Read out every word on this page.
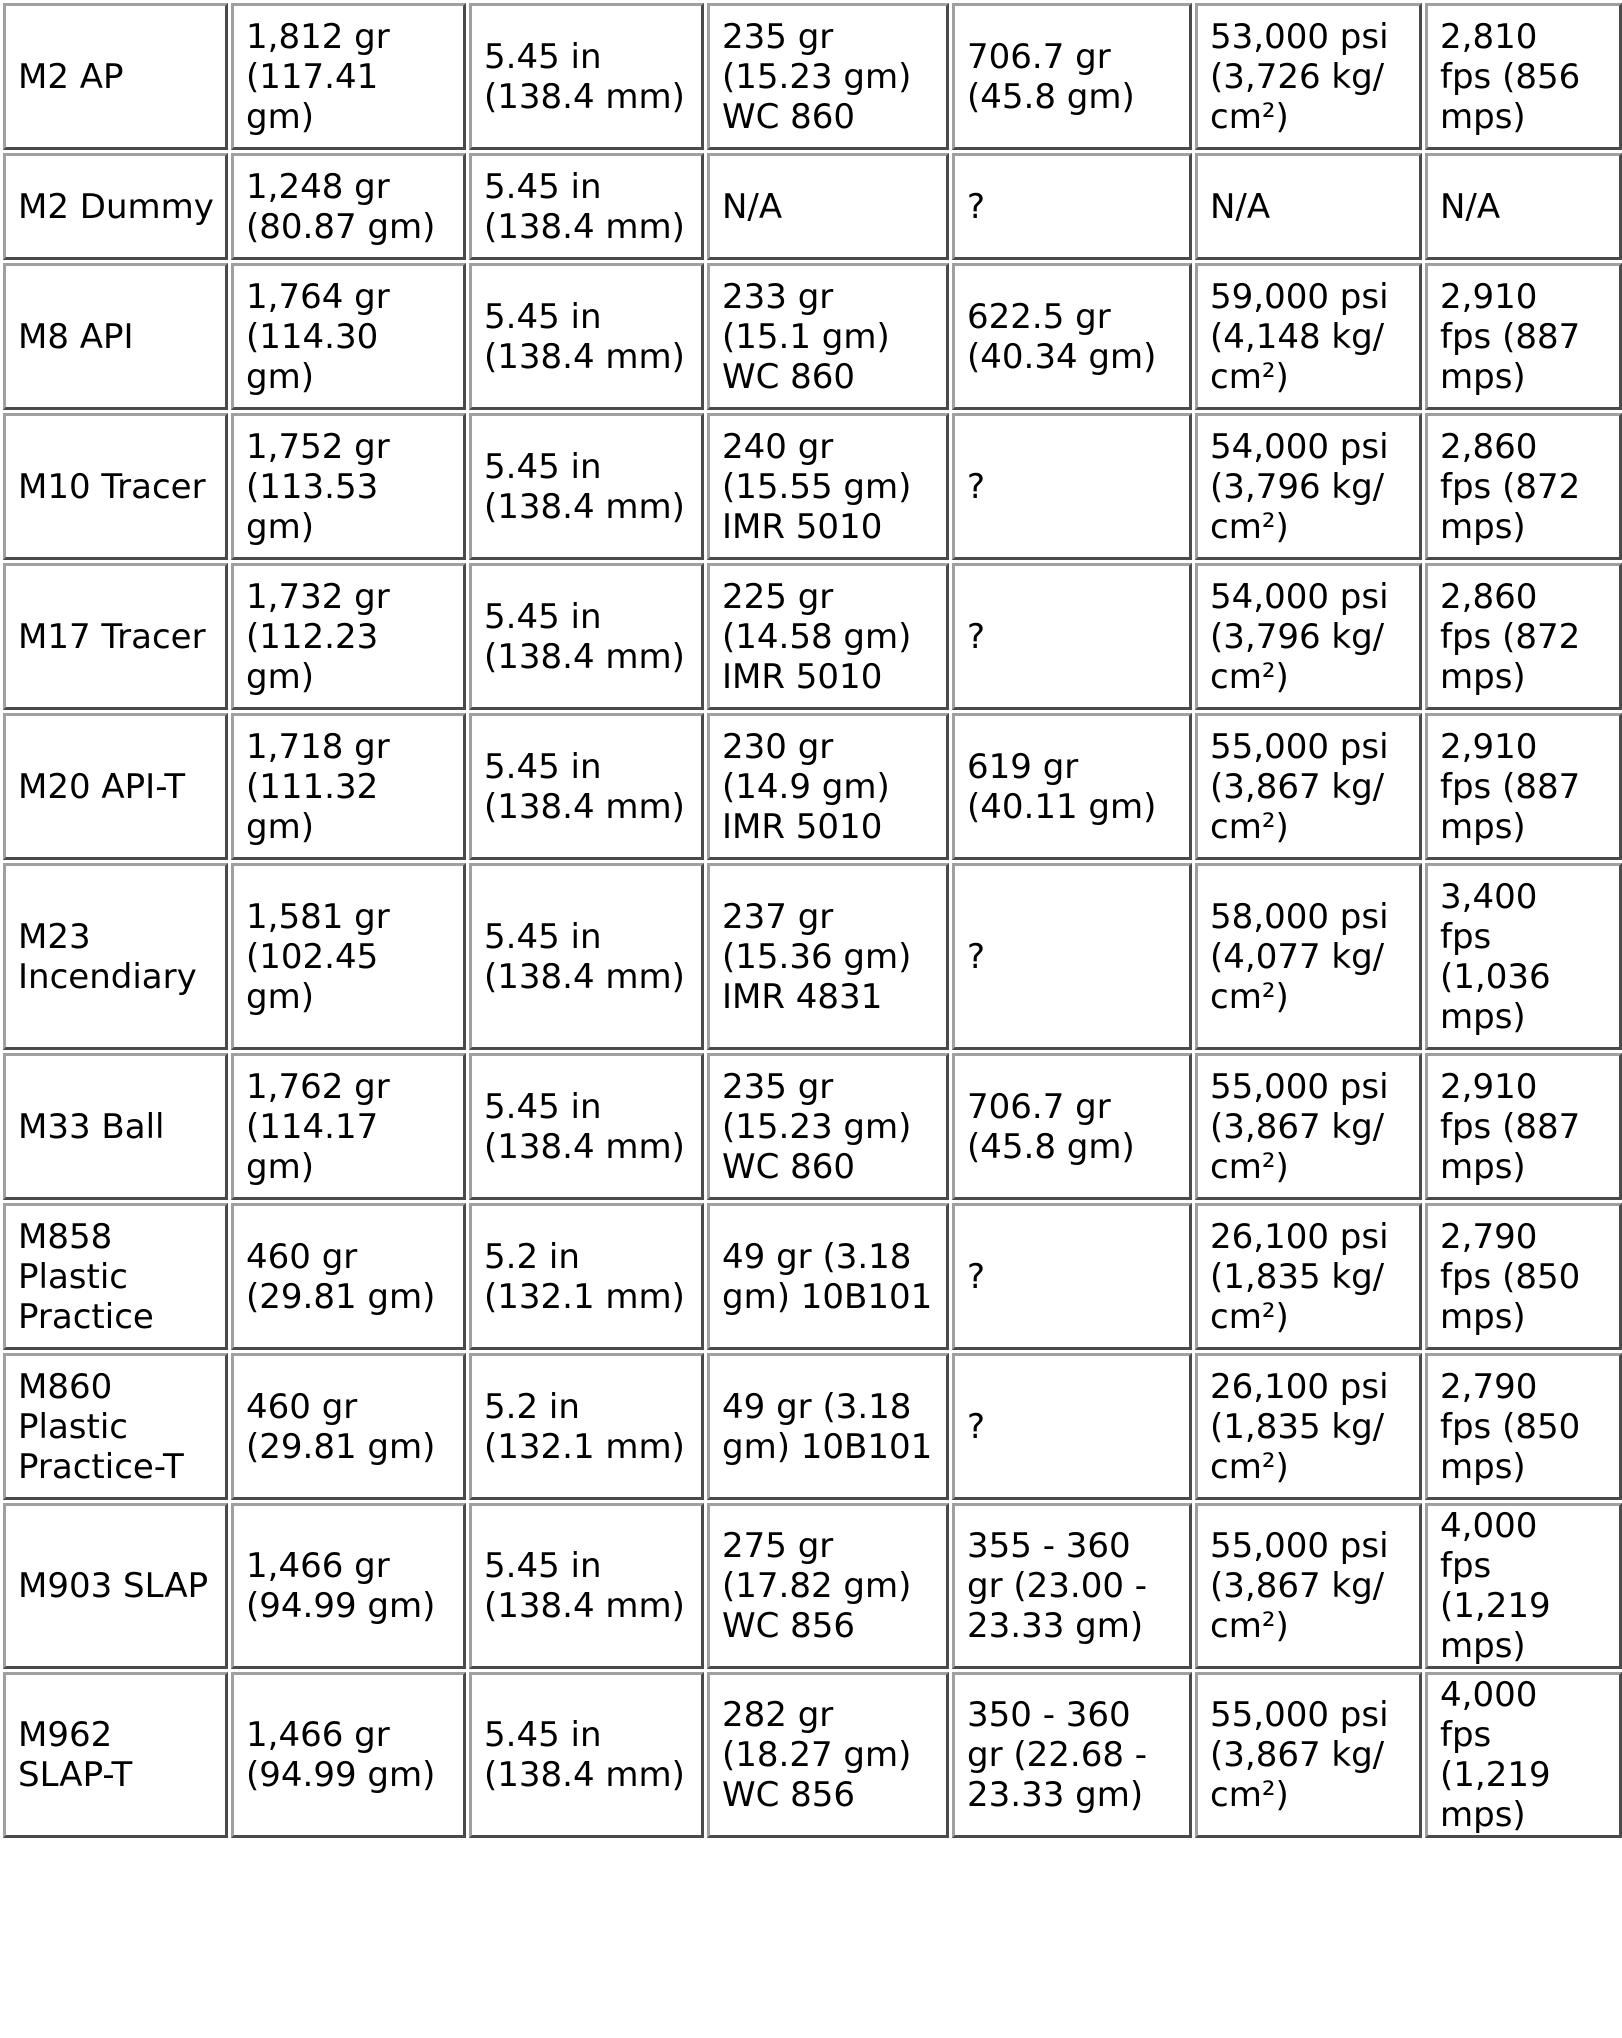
M2 AP	1,812 gr
(117.41
gm)	5.45 in
(138.4 mm)	235 gr
(15.23 gm)
WC 860	706.7 gr
(45.8 gm)	53,000 psi
(3,726 kg/
cm²)	2,810
fps (856
mps)
M2 Dummy	1,248 gr
(80.87 gm)	5.45 in
(138.4 mm)	N/A	?	N/A	N/A
M8 API	1,764 gr
(114.30
gm)	5.45 in
(138.4 mm)	233 gr
(15.1 gm)
WC 860	622.5 gr
(40.34 gm)	59,000 psi
(4,148 kg/
cm²)	2,910
fps (887
mps)
M10 Tracer	1,752 gr
(113.53
gm)	5.45 in
(138.4 mm)	240 gr
(15.55 gm)
IMR 5010	?	54,000 psi
(3,796 kg/
cm²)	2,860
fps (872
mps)
M17 Tracer	1,732 gr
(112.23
gm)	5.45 in
(138.4 mm)	225 gr
(14.58 gm)
IMR 5010	?	54,000 psi
(3,796 kg/
cm²)	2,860
fps (872
mps)
M20 API-T	1,718 gr
(111.32
gm)	5.45 in
(138.4 mm)	230 gr
(14.9 gm)
IMR 5010	619 gr
(40.11 gm)	55,000 psi
(3,867 kg/
cm²)	2,910
fps (887
mps)
M23
Incendiary	1,581 gr
(102.45
gm)	5.45 in
(138.4 mm)	237 gr
(15.36 gm)
IMR 4831	?	58,000 psi
(4,077 kg/
cm²)	3,400
fps
(1,036
mps)
M33 Ball	1,762 gr
(114.17
gm)	5.45 in
(138.4 mm)	235 gr
(15.23 gm)
WC 860	706.7 gr
(45.8 gm)	55,000 psi
(3,867 kg/
cm²)	2,910
fps (887
mps)
M858
Plastic
Practice	460 gr
(29.81 gm)	5.2 in
(132.1 mm)	49 gr (3.18
gm) 10B101	?	26,100 psi
(1,835 kg/
cm²)	2,790
fps (850
mps)
M860
Plastic
Practice-T	460 gr
(29.81 gm)	5.2 in
(132.1 mm)	49 gr (3.18
gm) 10B101	?	26,100 psi
(1,835 kg/
cm²)	2,790
fps (850
mps)
M903 SLAP	1,466 gr
(94.99 gm)	5.45 in
(138.4 mm)	275 gr
(17.82 gm)
WC 856	355 - 360
gr (23.00 -
23.33 gm)	55,000 psi
(3,867 kg/
cm²)	4,000
fps
(1,219
mps)
M962
SLAP-T	1,466 gr
(94.99 gm)	5.45 in
(138.4 mm)	282 gr
(18.27 gm)
WC 856	350 - 360
gr (22.68 -
23.33 gm)	55,000 psi
(3,867 kg/
cm²)	4,000
fps
(1,219
mps)
